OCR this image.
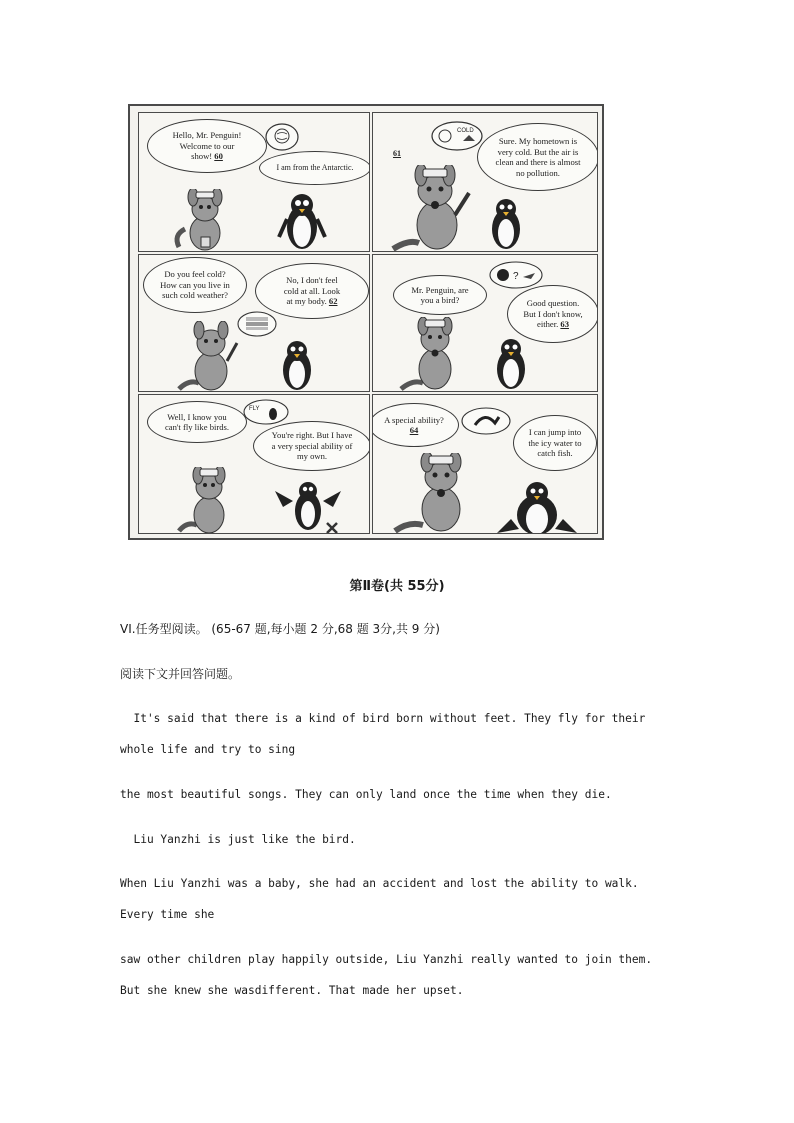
Hello, Mr. Penguin!
Welcome to our
show! 60
I am from the Antarctic.
61
COLD
Sure. My hometown is
very cold. But the air is
clean and there is almost
no pollution.
Do you feel cold?
How can you live in
such cold weather?
No, I don't feel
cold at all. Look
at my body. 62
Mr. Penguin, are
you a bird?
?
Good question.
But I don't know,
either. 63
Well, I know you
can't fly like birds.
FLY
You're right. But I have
a very special ability of
my own.
A special ability?
64	I can jump into
the icy water to
catch fish.
第Ⅱ卷(共 55分)
VI.任务型阅读。 (65-67 题,每小题 2 分,68 题 3分,共 9 分)
阅读下文并回答问题。
It's said that there is a kind of bird born without feet. They fly for their
whole life and try to sing
the most beautiful songs. They can only land once the time when they die.
Liu Yanzhi is just like the bird.
When Liu Yanzhi was a baby, she had an accident and lost the ability to walk.
Every time she
saw other children play happily outside, Liu Yanzhi really wanted to join them.
But she knew she wasdifferent. That made her upset.
